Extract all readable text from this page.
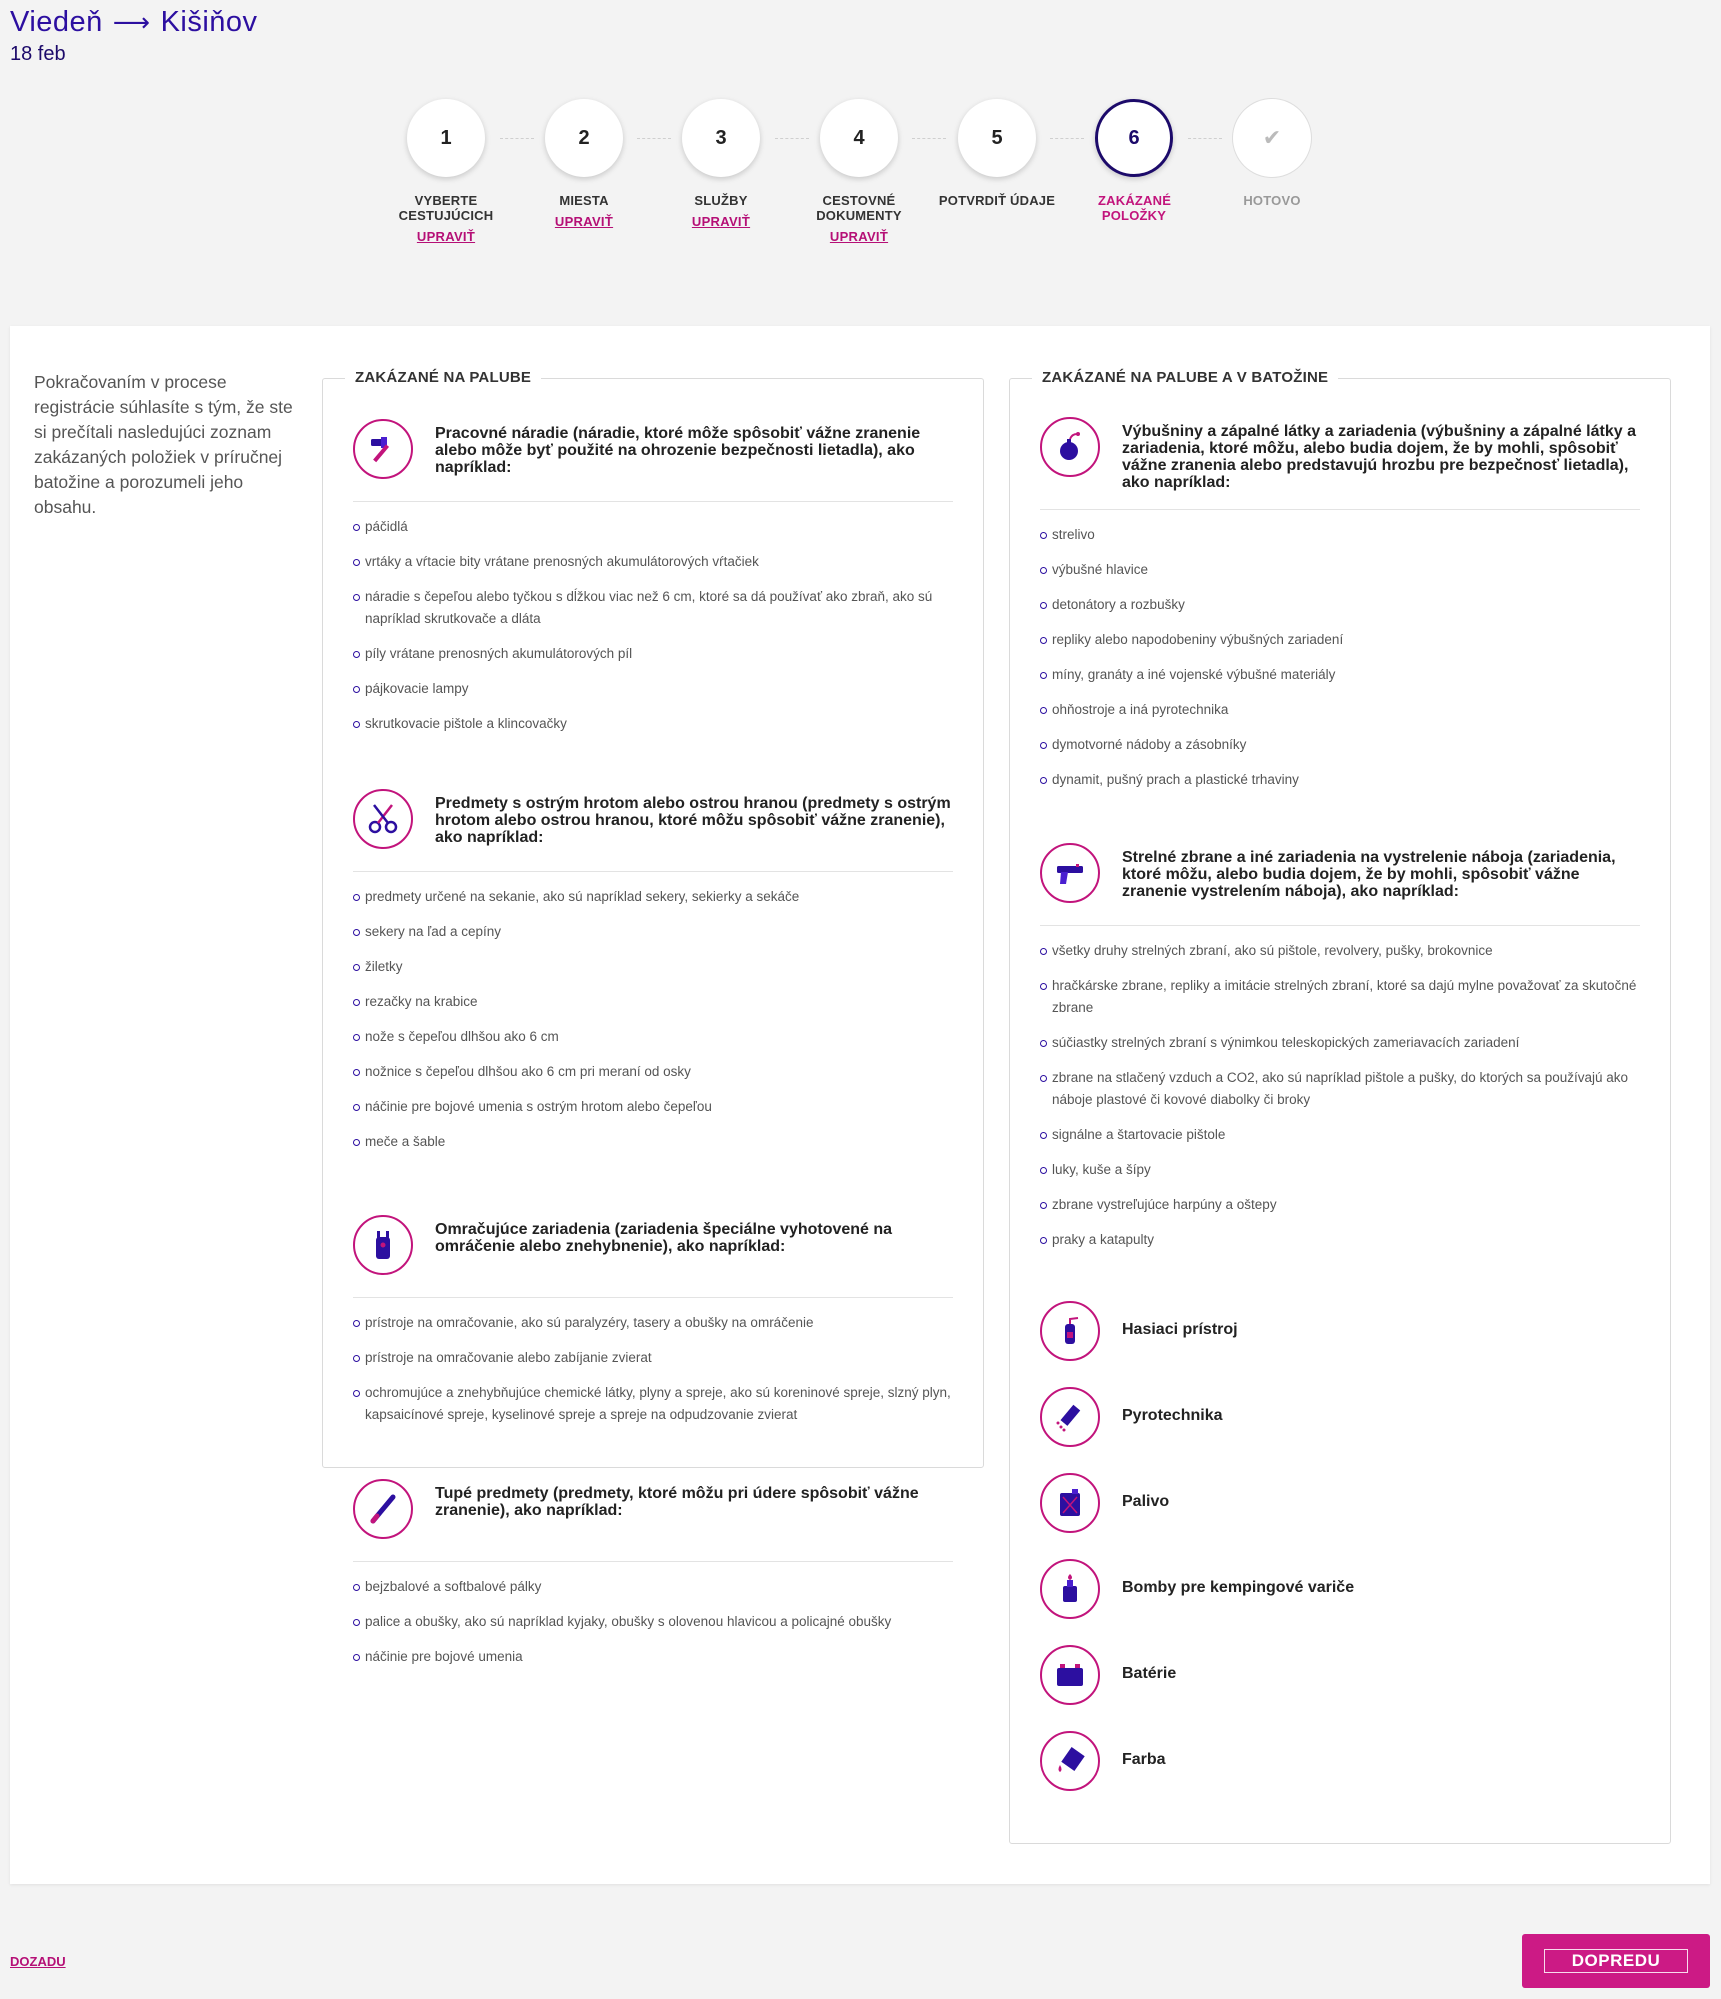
Viedeň ⟶ Kišiňov
18 feb
1
VYBERTE CESTUJÚCICH
UPRAVIŤ
2
MIESTA
UPRAVIŤ
3
SLUŽBY
UPRAVIŤ
4
CESTOVNÉ DOKUMENTY
UPRAVIŤ
5
POTVRDIŤ ÚDAJE
6
ZAKÁZANÉ POLOŽKY
✔
HOTOVO
Pokračovaním v procese registrácie súhlasíte s tým, že ste si prečítali nasledujúci zoznam zakázaných položiek v príručnej batožine a porozumeli jeho obsahu.
ZAKÁZANÉ NA PALUBE
Pracovné náradie (náradie, ktoré môže spôsobiť vážne zranenie alebo môže byť použité na ohrozenie bezpečnosti lietadla), ako napríklad:
páčidlá
vrtáky a vŕtacie bity vrátane prenosných akumulátorových vŕtačiek
náradie s čepeľou alebo tyčkou s dĺžkou viac než 6 cm, ktoré sa dá používať ako zbraň, ako sú napríklad skrutkovače a dláta
píly vrátane prenosných akumulátorových píl
pájkovacie lampy
skrutkovacie pištole a klincovačky
Predmety s ostrým hrotom alebo ostrou hranou (predmety s ostrým hrotom alebo ostrou hranou, ktoré môžu spôsobiť vážne zranenie), ako napríklad:
predmety určené na sekanie, ako sú napríklad sekery, sekierky a sekáče
sekery na ľad a cepíny
žiletky
rezačky na krabice
nože s čepeľou dlhšou ako 6 cm
nožnice s čepeľou dlhšou ako 6 cm pri meraní od osky
náčinie pre bojové umenia s ostrým hrotom alebo čepeľou
meče a šable
Omračujúce zariadenia (zariadenia špeciálne vyhotovené na omráčenie alebo znehybnenie), ako napríklad:
prístroje na omračovanie, ako sú paralyzéry, tasery a obušky na omráčenie
prístroje na omračovanie alebo zabíjanie zvierat
ochromujúce a znehybňujúce chemické látky, plyny a spreje, ako sú koreninové spreje, slzný plyn, kapsaicínové spreje, kyselinové spreje a spreje na odpudzovanie zvierat
Tupé predmety (predmety, ktoré môžu pri údere spôsobiť vážne zranenie), ako napríklad:
bejzbalové a softbalové pálky
palice a obušky, ako sú napríklad kyjaky, obušky s olovenou hlavicou a policajné obušky
náčinie pre bojové umenia
ZAKÁZANÉ NA PALUBE A V BATOŽINE
Výbušniny a zápalné látky a zariadenia (výbušniny a zápalné látky a zariadenia, ktoré môžu, alebo budia dojem, že by mohli, spôsobiť vážne zranenia alebo predstavujú hrozbu pre bezpečnosť lietadla), ako napríklad:
strelivo
výbušné hlavice
detonátory a rozbušky
repliky alebo napodobeniny výbušných zariadení
míny, granáty a iné vojenské výbušné materiály
ohňostroje a iná pyrotechnika
dymotvorné nádoby a zásobníky
dynamit, pušný prach a plastické trhaviny
Strelné zbrane a iné zariadenia na vystrelenie náboja (zariadenia, ktoré môžu, alebo budia dojem, že by mohli, spôsobiť vážne zranenie vystrelením náboja), ako napríklad:
všetky druhy strelných zbraní, ako sú pištole, revolvery, pušky, brokovnice
hračkárske zbrane, repliky a imitácie strelných zbraní, ktoré sa dajú mylne považovať za skutočné zbrane
súčiastky strelných zbraní s výnimkou teleskopických zameriavacích zariadení
zbrane na stlačený vzduch a CO2, ako sú napríklad pištole a pušky, do ktorých sa používajú ako náboje plastové či kovové diabolky či broky
signálne a štartovacie pištole
luky, kuše a šípy
zbrane vystreľujúce harpúny a oštepy
praky a katapulty
Hasiaci prístroj
Pyrotechnika
Palivo
Bomby pre kempingové variče
Batérie
Farba
DOZADU	DOPREDU
